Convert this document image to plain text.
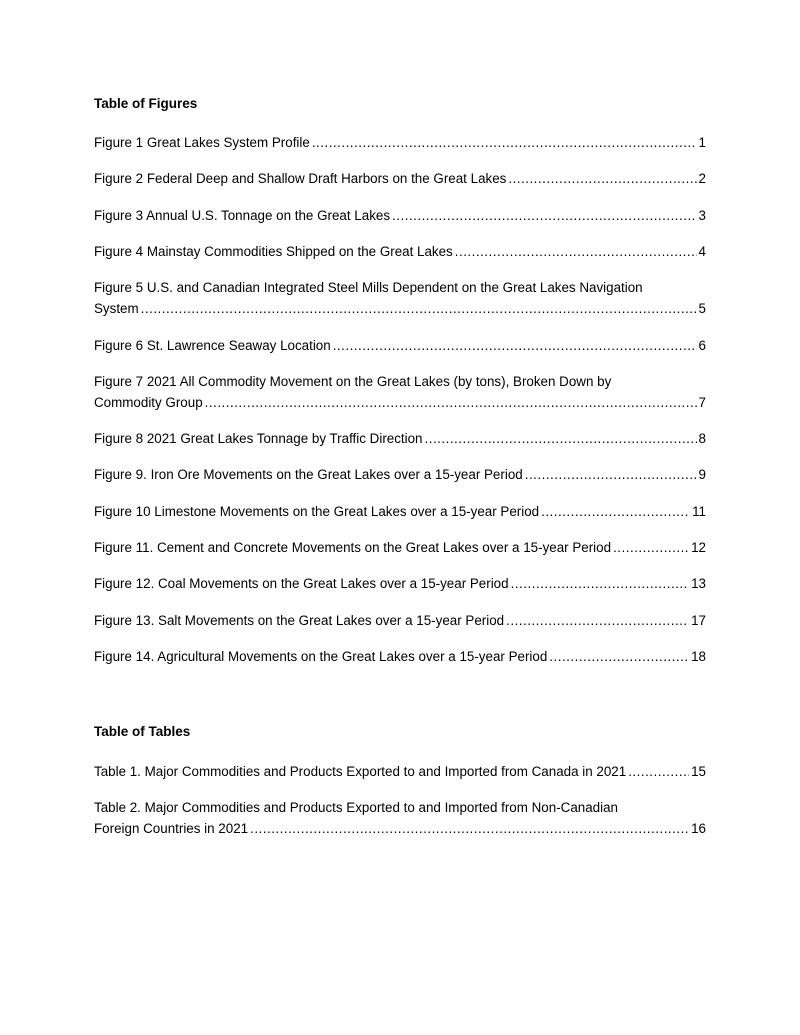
Table of Figures
Figure 1 Great Lakes System Profile .....	1
Figure 2 Federal Deep and Shallow Draft Harbors on the Great Lakes .....	2
Figure 3 Annual U.S. Tonnage on the Great Lakes .....	3
Figure 4 Mainstay Commodities Shipped on the Great Lakes .....	4
Figure 5 U.S. and Canadian Integrated Steel Mills Dependent on the Great Lakes Navigation
System .....	5
Figure 6 St. Lawrence Seaway Location .....	6
Figure 7 2021 All Commodity Movement on the Great Lakes (by tons), Broken Down by
Commodity Group .....	7
Figure 8 2021 Great Lakes Tonnage by Traffic Direction .....	8
Figure 9. Iron Ore Movements on the Great Lakes over a 15-year Period .....	9
Figure 10 Limestone Movements on the Great Lakes over a 15-year Period .....	11
Figure 11. Cement and Concrete Movements on the Great Lakes over a 15-year Period .....	12
Figure 12. Coal Movements on the Great Lakes over a 15-year Period .....	13
Figure 13. Salt Movements on the Great Lakes over a 15-year Period .....	17
Figure 14. Agricultural Movements on the Great Lakes over a 15-year Period .....	18
Table of Tables
Table 1. Major Commodities and Products Exported to and Imported from Canada in 2021 .....	15
Table 2. Major Commodities and Products Exported to and Imported from Non-Canadian
Foreign Countries in 2021 .....	16
